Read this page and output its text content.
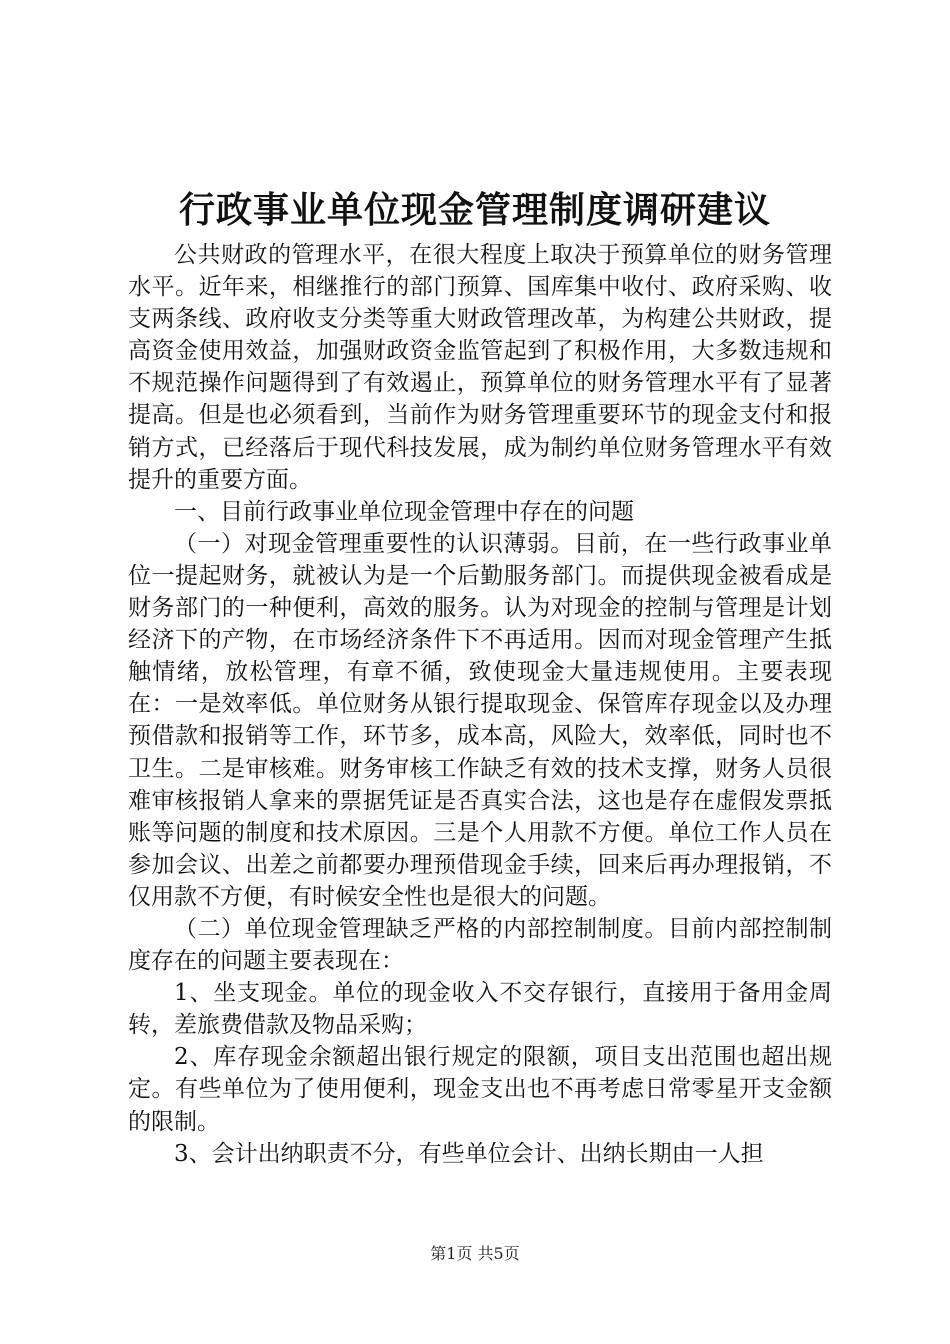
行政事业单位现金管理制度调研建议

公共财政的管理水平，在很大程度上取决于预算单位的财务管理水平。近年来，相继推行的部门预算、国库集中收付、政府采购、收支两条线、政府收支分类等重大财政管理改革，为构建公共财政，提高资金使用效益，加强财政资金监管起到了积极作用，大多数违规和不规范操作问题得到了有效遏止，预算单位的财务管理水平有了显著提高。但是也必须看到，当前作为财务管理重要环节的现金支付和报销方式，已经落后于现代科技发展，成为制约单位财务管理水平有效提升的重要方面。

一、目前行政事业单位现金管理中存在的问题

（一）对现金管理重要性的认识薄弱。目前，在一些行政事业单位一提起财务，就被认为是一个后勤服务部门。而提供现金被看成是财务部门的一种便利，高效的服务。认为对现金的控制与管理是计划经济下的产物，在市场经济条件下不再适用。因而对现金管理产生抵触情绪，放松管理，有章不循，致使现金大量违规使用。主要表现在：一是效率低。单位财务从银行提取现金、保管库存现金以及办理预借款和报销等工作，环节多，成本高，风险大，效率低，同时也不卫生。二是审核难。财务审核工作缺乏有效的技术支撑，财务人员很难审核报销人拿来的票据凭证是否真实合法，这也是存在虚假发票抵账等问题的制度和技术原因。三是个人用款不方便。单位工作人员在参加会议、出差之前都要办理预借现金手续，回来后再办理报销，不仅用款不方便，有时候安全性也是很大的问题。

（二）单位现金管理缺乏严格的内部控制制度。目前内部控制制度存在的问题主要表现在：

1、坐支现金。单位的现金收入不交存银行，直接用于备用金周转，差旅费借款及物品采购；

2、库存现金余额超出银行规定的限额，项目支出范围也超出规定。有些单位为了使用便利，现金支出也不再考虑日常零星开支金额的限制。

3、会计出纳职责不分，有些单位会计、出纳长期由一人担

第1页 共5页
